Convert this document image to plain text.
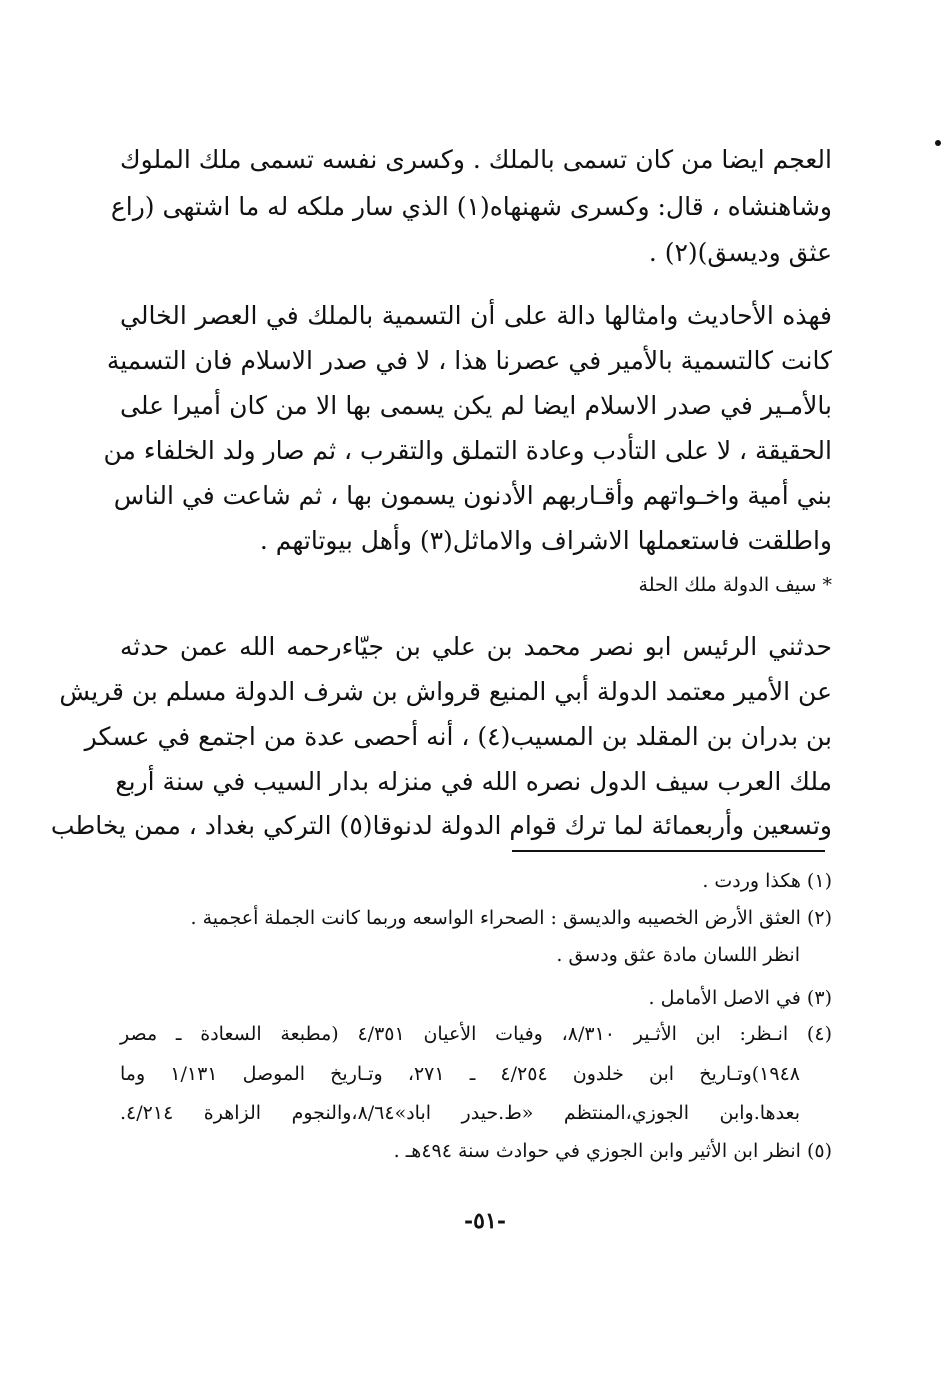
العجم ايضا من كان تسمى بالملك . وكسرى نفسه تسمى ملك الملوك
وشاهنشاه ، قال: وكسرى شهنهاه(١) الذي سار ملكه له ما اشتهى (راع
عثق وديسق)(٢) .
فهذه الأحاديث وامثالها دالة على أن التسمية بالملك في العصر الخالي
كانت كالتسمية بالأمير في عصرنا هذا ، لا في صدر الاسلام فان التسمية
بالأمـير في صدر الاسلام ايضا لم يكن يسمى بها الا من كان أميرا على
الحقيقة ، لا على التأدب وعادة التملق والتقرب ، ثم صار ولد الخلفاء من
بني أمية واخـواتهم وأقـاربهم الأدنون يسمون بها ، ثم شاعت في الناس
واطلقت فاستعملها الاشراف والاماثل(٣) وأهل بيوتاتهم .
* سيف الدولة ملك الحلة
حدثني الرئيس ابو نصر محمد بن علي بن جيّاءرحمه الله عمن حدثه
عن الأمير معتمد الدولة أبي المنيع قرواش بن شرف الدولة مسلم بن قريش
بن بدران بن المقلد بن المسيب(٤) ، أنه أحصى عدة من اجتمع في عسكر
ملك العرب سيف الدول نصره الله في منزله بدار السيب في سنة أربع
وتسعين وأربعمائة لما ترك قوام الدولة لدنوقا(٥) التركي بغداد ، ممن يخاطب
(١) هكذا وردت .
(٢) العثق الأرض الخصيبه والديسق : الصحراء الواسعه وربما كانت الجملة أعجمية .
انظر اللسان مادة عثق ودسق .
(٣) في الاصل الأمامل .
(٤) انـظر: ابن الأثـير ٨/٣١٠، وفيات الأعيان ٤/٣٥١ (مطبعة السعادة ـ مصر
١٩٤٨)وتـاريخ ابن خلدون ٤/٢٥٤ ـ ٢٧١، وتـاريخ الموصل ١/١٣١ وما
بعدها.وابن الجوزي،المنتظم «ط.حيدر اباد»٨/٦٤،والنجوم الزاهرة ٤/٢١٤.
(٥) انظر ابن الأثير وابن الجوزي في حوادث سنة ٤٩٤هـ .
-٥١-
